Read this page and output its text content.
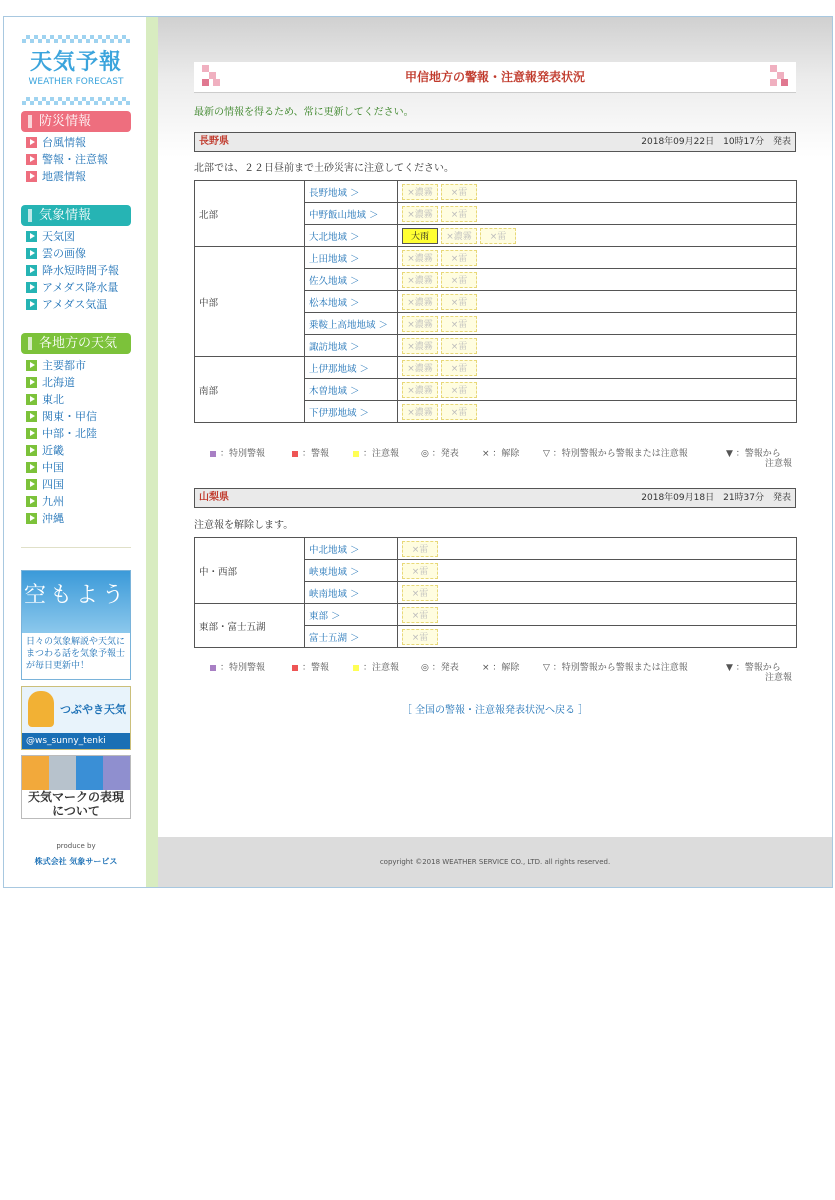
天気予報
WEATHER FORECAST
防災情報
台風情報
警報・注意報
地震情報
気象情報
天気図
雲の画像
降水短時間予報
アメダス降水量
アメダス気温
各地方の天気
主要都市
北海道
東北
関東・甲信
中部・北陸
近畿
中国
四国
九州
沖縄
空もよう
日々の気象解説や天気にまつわる話を気象予報士が毎日更新中！
つぶやき天気
@ws_sunny_tenki
天気マークの表現について
produce by
株式会社 気象サービス
甲信地方の警報・注意報発表状況
最新の情報を得るため、常に更新してください。
長野県	2018年09月22日　10時17分　発表
北部では、２２日昼前まで土砂災害に注意してください。
北部	長野地域 ＞	×濃霧 ×雷
	中野飯山地域 ＞	×濃霧 ×雷
	大北地域 ＞	大雨 ×濃霧 ×雷
中部	上田地域 ＞	×濃霧 ×雷
	佐久地域 ＞	×濃霧 ×雷
	松本地域 ＞	×濃霧 ×雷
	乗鞍上高地地域 ＞	×濃霧 ×雷
	諏訪地域 ＞	×濃霧 ×雷
南部	上伊那地域 ＞	×濃霧 ×雷
	木曽地域 ＞	×濃霧 ×雷
	下伊那地域 ＞	×濃霧 ×雷
：特別警報	：警報	：注意報 ◎ ：発表	× ：解除	▽ ：特別警報から警報または注意報	▼ ：警報から
注意報
山梨県	2018年09月18日　21時37分　発表
注意報を解除します。
中・西部	中北地域 ＞	×雷
	峡東地域 ＞	×雷
	峡南地域 ＞	×雷
東部・富士五湖	東部 ＞	×雷
	富士五湖 ＞	×雷
：特別警報	：警報	：注意報 ◎ ：発表	× ：解除	▽ ：特別警報から警報または注意報	▼ ：警報から
注意報
［ 全国の警報・注意報発表状況へ戻る ］
copyright ©2018 WEATHER SERVICE CO., LTD. all rights reserved.
